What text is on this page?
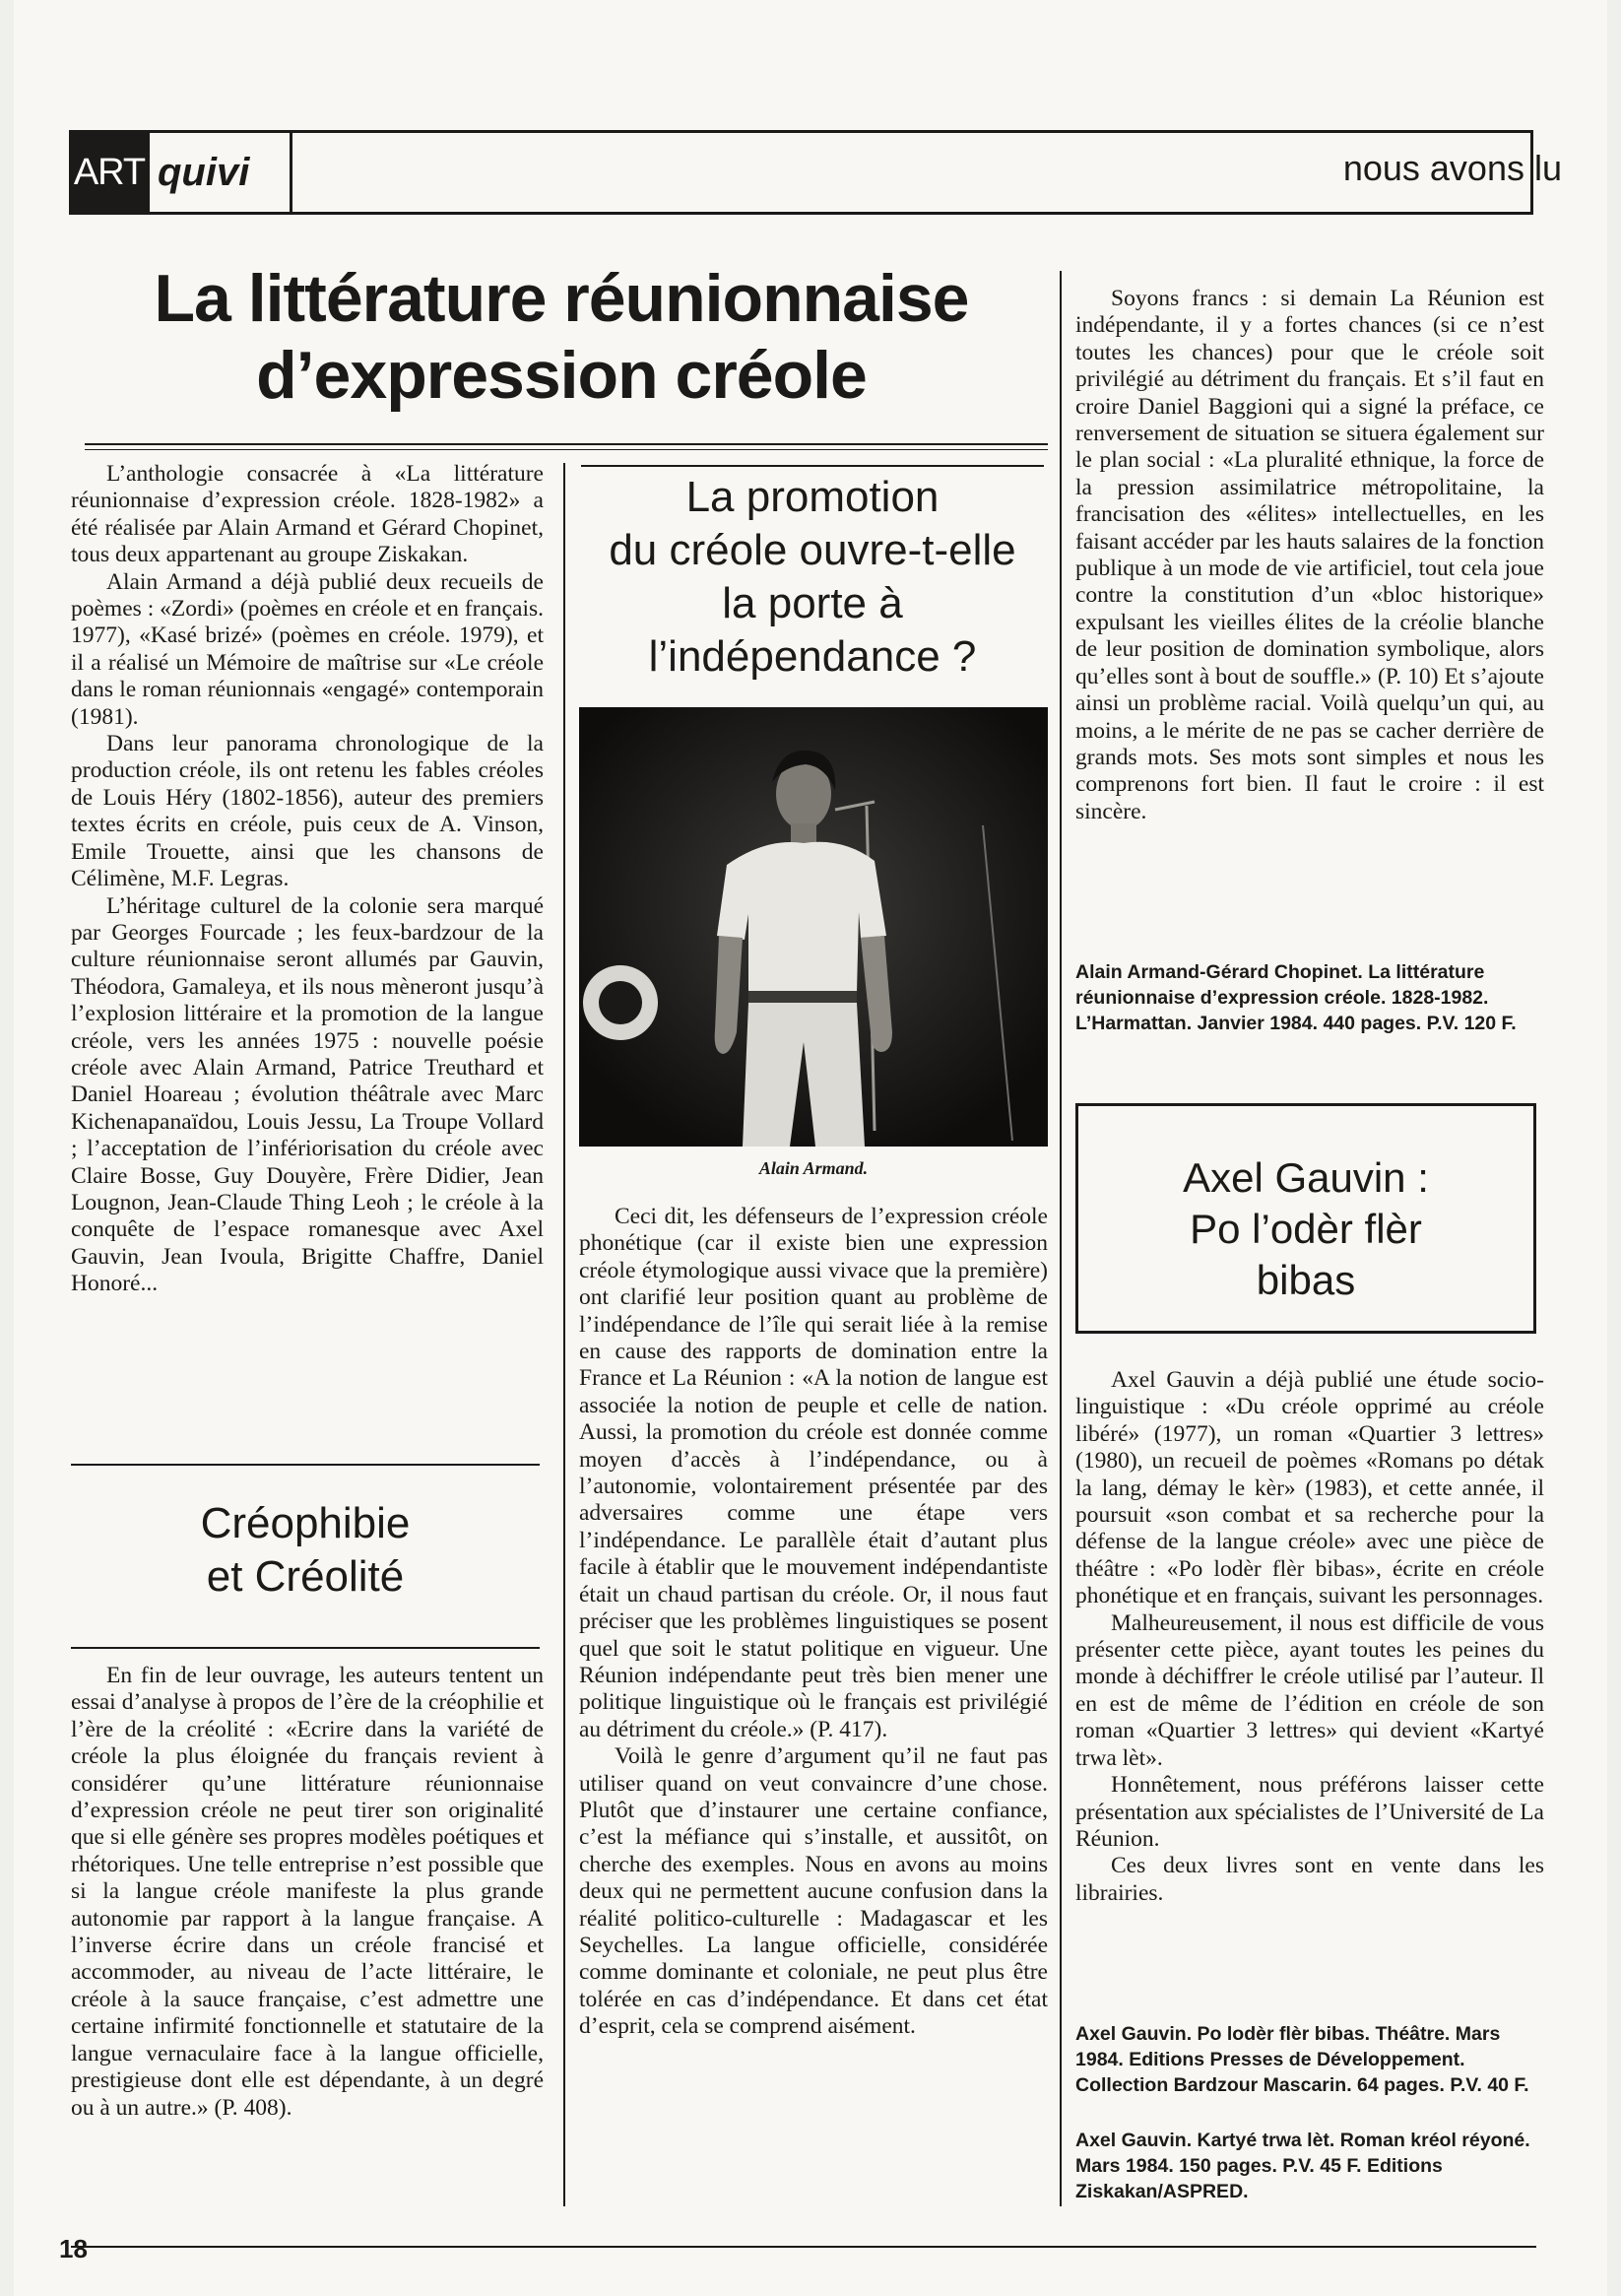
ART quivi	nous avons lu
La littérature réunionnaise
d’expression créole

L’anthologie consacrée à «La littérature réunionnaise d’expression créole. 1828-1982» a été réalisée par Alain Armand et Gérard Chopinet, tous deux appartenant au groupe Ziskakan.

Alain Armand a déjà publié deux recueils de poèmes : «Zordi» (poèmes en créole et en français. 1977), «Kasé brizé» (poèmes en créole. 1979), et il a réalisé un Mémoire de maîtrise sur «Le créole dans le roman réunionnais «engagé» contemporain (1981).

Dans leur panorama chronologique de la production créole, ils ont retenu les fables créoles de Louis Héry (1802-1856), auteur des premiers textes écrits en créole, puis ceux de A. Vinson, Emile Trouette, ainsi que les chansons de Célimène, M.F. Legras.

L’héritage culturel de la colonie sera marqué par Georges Fourcade ; les feux-bardzour de la culture réunionnaise seront allumés par Gauvin, Théodora, Gamaleya, et ils nous mèneront jusqu’à l’explosion littéraire et la promotion de la langue créole, vers les années 1975 : nouvelle poésie créole avec Alain Armand, Patrice Treuthard et Daniel Hoareau ; évolution théâtrale avec Marc Kichenapanaïdou, Louis Jessu, La Troupe Vollard ; l’acceptation de l’infériorisation du créole avec Claire Bosse, Guy Douyère, Frère Didier, Jean Lougnon, Jean-Claude Thing Leoh ; le créole à la conquête de l’espace romanesque avec Axel Gauvin, Jean Ivoula, Brigitte Chaffre, Daniel Honoré...

Créophibie
et Créolité

En fin de leur ouvrage, les auteurs tentent un essai d’analyse à propos de l’ère de la créophilie et l’ère de la créolité : «Ecrire dans la variété de créole la plus éloignée du français revient à considérer qu’une littérature réunionnaise d’expression créole ne peut tirer son originalité que si elle génère ses propres modèles poétiques et rhétoriques. Une telle entreprise n’est possible que si la langue créole manifeste la plus grande autonomie par rapport à la langue française. A l’inverse écrire dans un créole francisé et accommoder, au niveau de l’acte littéraire, le créole à la sauce française, c’est admettre une certaine infirmité fonctionnelle et statutaire de la langue vernaculaire face à la langue officielle, prestigieuse dont elle est dépendante, à un degré ou à un autre.» (P. 408).

La promotion
du créole ouvre-t-elle
la porte à
l’indépendance ?
Alain Armand.

Ceci dit, les défenseurs de l’expression créole phonétique (car il existe bien une expression créole étymologique aussi vivace que la première) ont clarifié leur position quant au problème de l’indépendance de l’île qui serait liée à la remise en cause des rapports de domination entre la France et La Réunion : «A la notion de langue est associée la notion de peuple et celle de nation. Aussi, la promotion du créole est donnée comme moyen d’accès à l’indépendance, ou à l’autonomie, volontairement présentée par des adversaires comme une étape vers l’indépendance. Le parallèle était d’autant plus facile à établir que le mouvement indépendantiste était un chaud partisan du créole. Or, il nous faut préciser que les problèmes linguistiques se posent quel que soit le statut politique en vigueur. Une Réunion indépendante peut très bien mener une politique linguistique où le français est privilégié au détriment du créole.» (P. 417).

Voilà le genre d’argument qu’il ne faut pas utiliser quand on veut convaincre d’une chose. Plutôt que d’instaurer une certaine confiance, c’est la méfiance qui s’installe, et aussitôt, on cherche des exemples. Nous en avons au moins deux qui ne permettent aucune confusion dans la réalité politico-culturelle : Madagascar et les Seychelles. La langue officielle, considérée comme dominante et coloniale, ne peut plus être tolérée en cas d’indépendance. Et dans cet état d’esprit, cela se comprend aisément.

Soyons francs : si demain La Réunion est indépendante, il y a fortes chances (si ce n’est toutes les chances) pour que le créole soit privilégié au détriment du français. Et s’il faut en croire Daniel Baggioni qui a signé la préface, ce renversement de situation se situera également sur le plan social : «La pluralité ethnique, la force de la pression assimilatrice métropolitaine, la francisation des «élites» intellectuelles, en les faisant accéder par les hauts salaires de la fonction publique à un mode de vie artificiel, tout cela joue contre la constitution d’un «bloc historique» expulsant les vieilles élites de la créolie blanche de leur position de domination symbolique, alors qu’elles sont à bout de souffle.» (P. 10) Et s’ajoute ainsi un problème racial. Voilà quelqu’un qui, au moins, a le mérite de ne pas se cacher derrière de grands mots. Ses mots sont simples et nous les comprenons fort bien. Il faut le croire : il est sincère.

Alain Armand-Gérard Chopinet. La littérature réunionnaise d’expression créole. 1828-1982. L’Harmattan. Janvier 1984. 440 pages. P.V. 120 F.
Axel Gauvin :
Po l’odèr flèr
bibas

Axel Gauvin a déjà publié une étude socio-linguistique : «Du créole opprimé au créole libéré» (1977), un roman «Quartier 3 lettres» (1980), un recueil de poèmes «Romans po détak la lang, démay le kèr» (1983), et cette année, il poursuit «son combat et sa recherche pour la défense de la langue créole» avec une pièce de théâtre : «Po lodèr flèr bibas», écrite en créole phonétique et en français, suivant les personnages.

Malheureusement, il nous est difficile de vous présenter cette pièce, ayant toutes les peines du monde à déchiffrer le créole utilisé par l’auteur. Il en est de même de l’édition en créole de son roman «Quartier 3 lettres» qui devient «Kartyé trwa lèt».

Honnêtement, nous préférons laisser cette présentation aux spécialistes de l’Université de La Réunion.

Ces deux livres sont en vente dans les librairies.

Axel Gauvin. Po lodèr flèr bibas. Théâtre. Mars 1984. Editions Presses de Développement. Collection Bardzour Mascarin. 64 pages. P.V. 40 F.
Axel Gauvin. Kartyé trwa lèt. Roman kréol réyoné. Mars 1984. 150 pages. P.V. 45 F. Editions Ziskakan/ASPRED.
18
